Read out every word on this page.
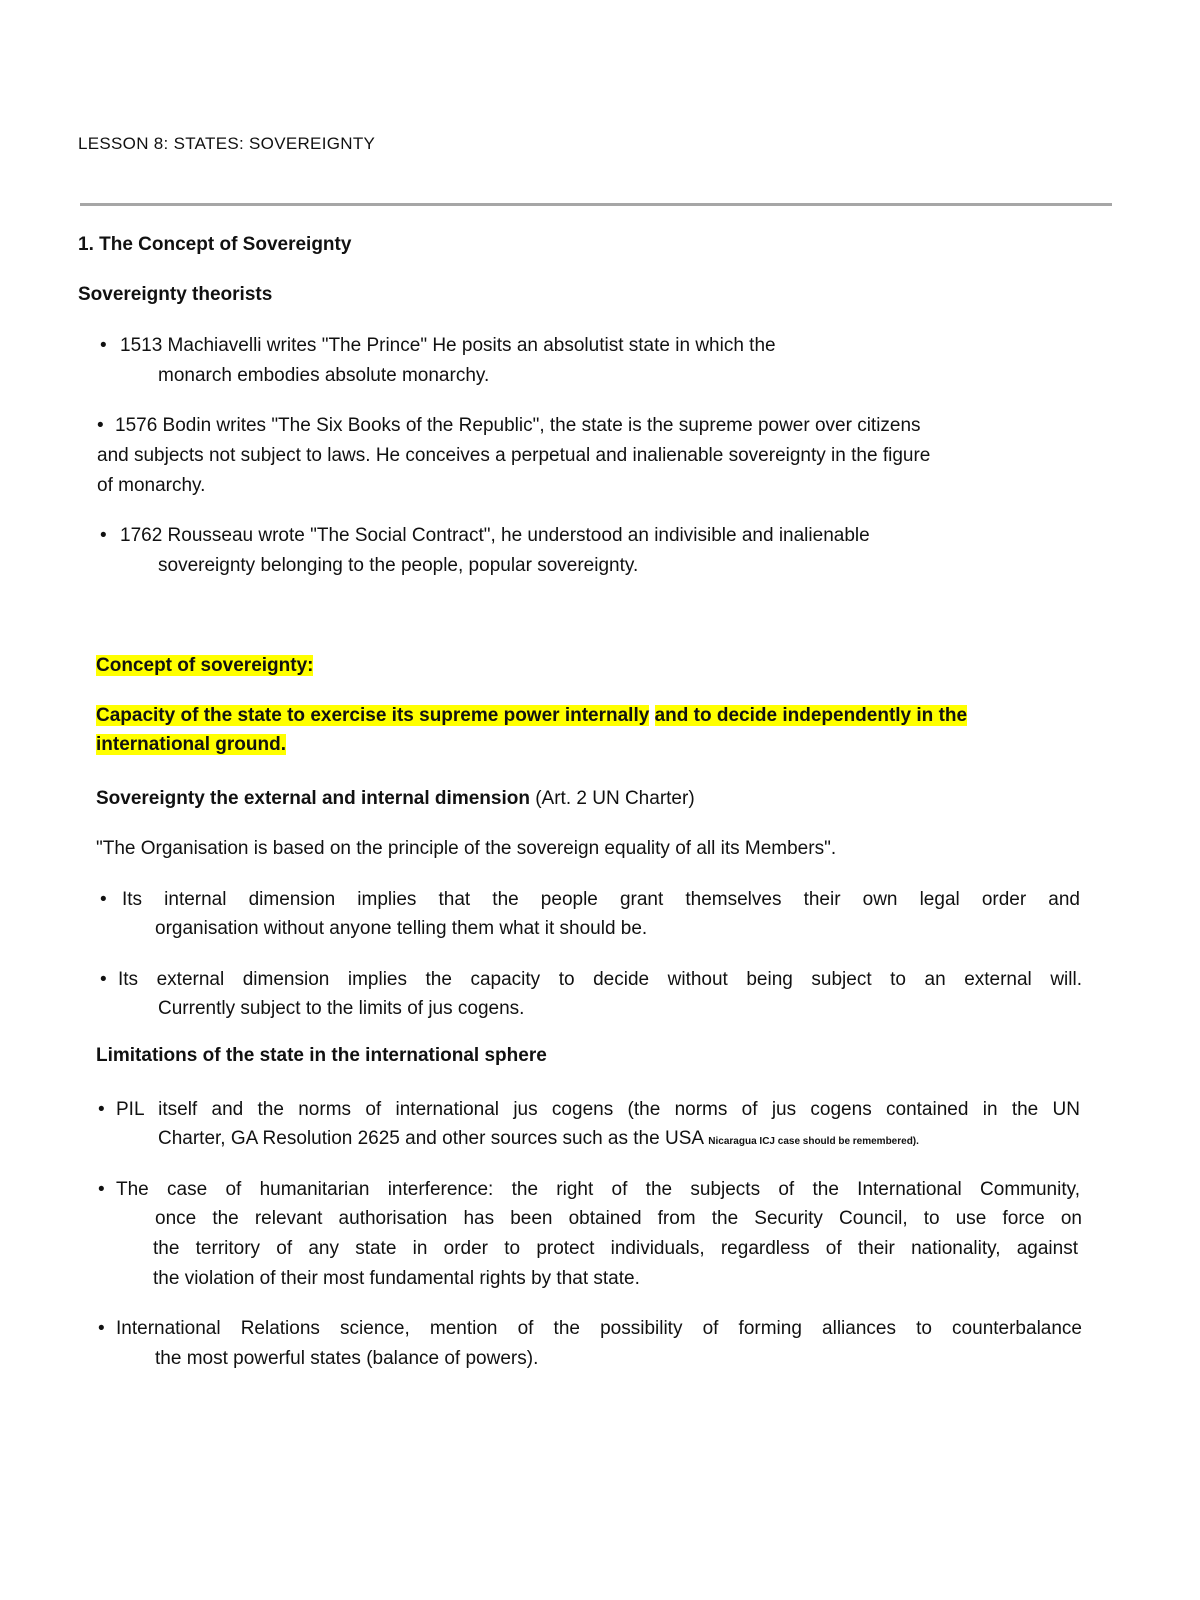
LESSON 8: STATES: SOVEREIGNTY
1. The Concept of Sovereignty
Sovereignty theorists
• 1513 Machiavelli writes "The Prince" He posits an absolutist state in which the
monarch embodies absolute monarchy.
• 1576 Bodin writes "The Six Books of the Republic", the state is the supreme power over citizens
and subjects not subject to laws. He conceives a perpetual and inalienable sovereignty in the figure
of monarchy.
• 1762 Rousseau wrote "The Social Contract", he understood an indivisible and inalienable
sovereignty belonging to the people, popular sovereignty.
Concept of sovereignty:
Capacity of the state to exercise its supreme power internally and to decide independently in the
international ground.
Sovereignty the external and internal dimension (Art. 2 UN Charter)
"The Organisation is based on the principle of the sovereign equality of all its Members".
• Its internal dimension implies that the people grant themselves their own legal order and
organisation without anyone telling them what it should be.
• Its external dimension implies the capacity to decide without being subject to an external will.
Currently subject to the limits of jus cogens.
Limitations of the state in the international sphere
• PIL itself and the norms of international jus cogens (the norms of jus cogens contained in the UN
Charter, GA Resolution 2625 and other sources such as the USA Nicaragua ICJ case should be remembered).
• The case of humanitarian interference: the right of the subjects of the International Community,
once the relevant authorisation has been obtained from the Security Council, to use force on
the territory of any state in order to protect individuals, regardless of their nationality, against
the violation of their most fundamental rights by that state.
• International Relations science, mention of the possibility of forming alliances to counterbalance
the most powerful states (balance of powers).
